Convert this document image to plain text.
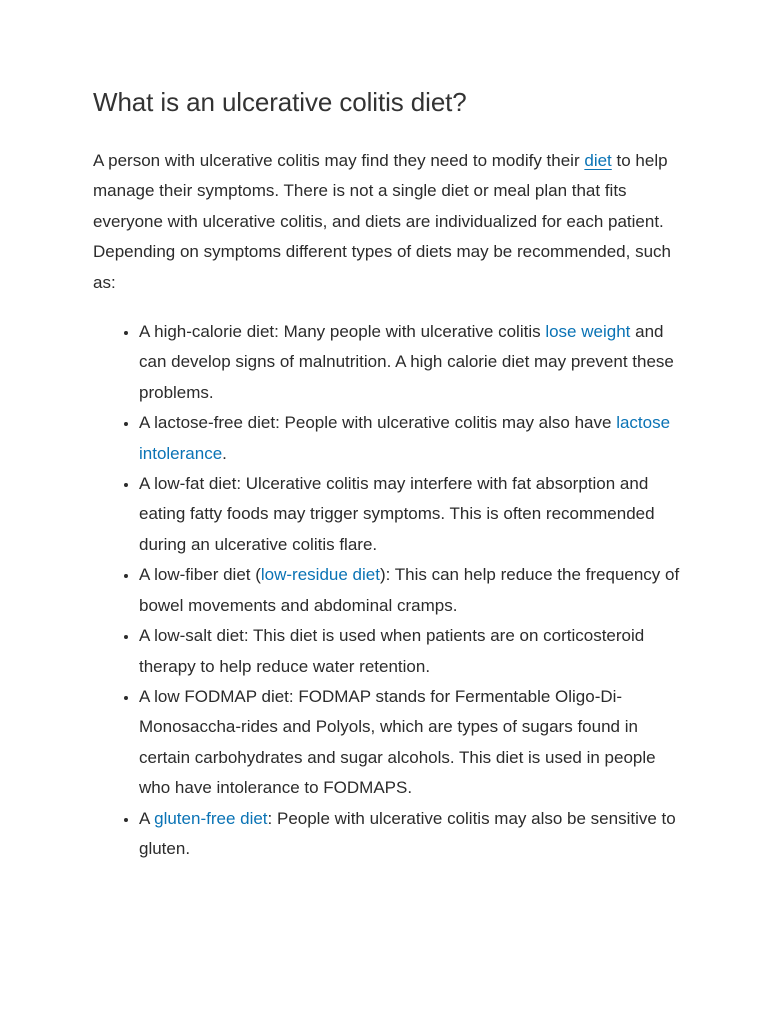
What is an ulcerative colitis diet?

A person with ulcerative colitis may find they need to modify their diet to help manage their symptoms. There is not a single diet or meal plan that fits everyone with ulcerative colitis, and diets are individualized for each patient. Depending on symptoms different types of diets may be recommended, such as:

• A high-calorie diet: Many people with ulcerative colitis lose weight and can develop signs of malnutrition. A high calorie diet may prevent these problems.
• A lactose-free diet: People with ulcerative colitis may also have lactose intolerance.
• A low-fat diet: Ulcerative colitis may interfere with fat absorption and eating fatty foods may trigger symptoms. This is often recommended during an ulcerative colitis flare.
• A low-fiber diet (low-residue diet): This can help reduce the frequency of bowel movements and abdominal cramps.
• A low-salt diet: This diet is used when patients are on corticosteroid therapy to help reduce water retention.
• A low FODMAP diet: FODMAP stands for Fermentable Oligo-Di-Monosaccha-rides and Polyols, which are types of sugars found in certain carbohydrates and sugar alcohols. This diet is used in people who have intolerance to FODMAPS.
• A gluten-free diet: People with ulcerative colitis may also be sensitive to gluten.
